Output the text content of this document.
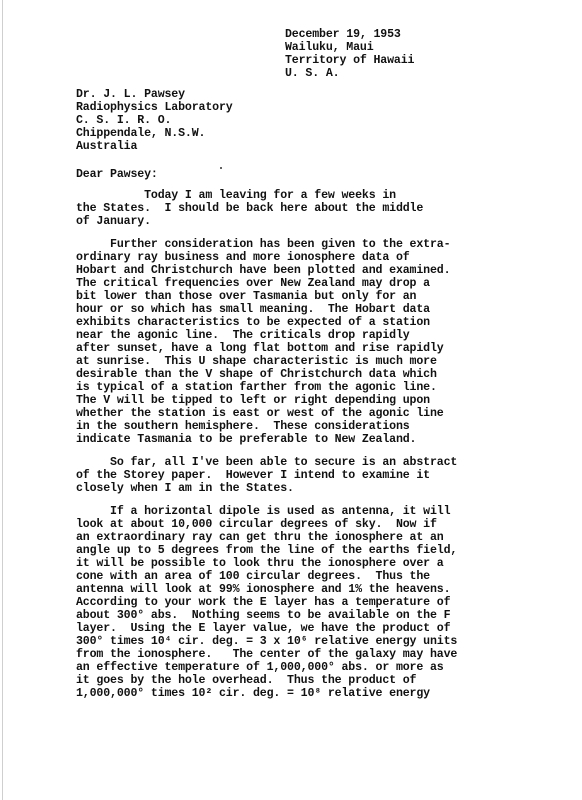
December 19, 1953
Wailuku, Maui
Territory of Hawaii
U. S. A.
Dr. J. L. Pawsey
Radiophysics Laboratory
C. S. I. R. O.
Chippendale, N.S.W.
Australia
Dear Pawsey:
Today I am leaving for a few weeks in
the States.  I should be back here about the middle
of January.
Further consideration has been given to the extra-
ordinary ray business and more ionosphere data of
Hobart and Christchurch have been plotted and examined.
The critical frequencies over New Zealand may drop a
bit lower than those over Tasmania but only for an
hour or so which has small meaning.  The Hobart data
exhibits characteristics to be expected of a station
near the agonic line.  The criticals drop rapidly
after sunset, have a long flat bottom and rise rapidly
at sunrise.  This U shape characteristic is much more
desirable than the V shape of Christchurch data which
is typical of a station farther from the agonic line.
The V will be tipped to left or right depending upon
whether the station is east or west of the agonic line
in the southern hemisphere.  These considerations
indicate Tasmania to be preferable to New Zealand.
So far, all I've been able to secure is an abstract
of the Storey paper.  However I intend to examine it
closely when I am in the States.
If a horizontal dipole is used as antenna, it will
look at about 10,000 circular degrees of sky.  Now if
an extraordinary ray can get thru the ionosphere at an
angle up to 5 degrees from the line of the earths field,
it will be possible to look thru the ionosphere over a
cone with an area of 100 circular degrees.  Thus the
antenna will look at 99% ionosphere and 1% the heavens.
According to your work the E layer has a temperature of
about 300° abs.  Nothing seems to be available on the F
layer.  Using the E layer value, we have the product of
300° times 10⁴ cir. deg. = 3 x 10⁶ relative energy units
from the ionosphere.   The center of the galaxy may have
an effective temperature of 1,000,000° abs. or more as
it goes by the hole overhead.  Thus the product of
1,000,000° times 10² cir. deg. = 10⁸ relative energy
